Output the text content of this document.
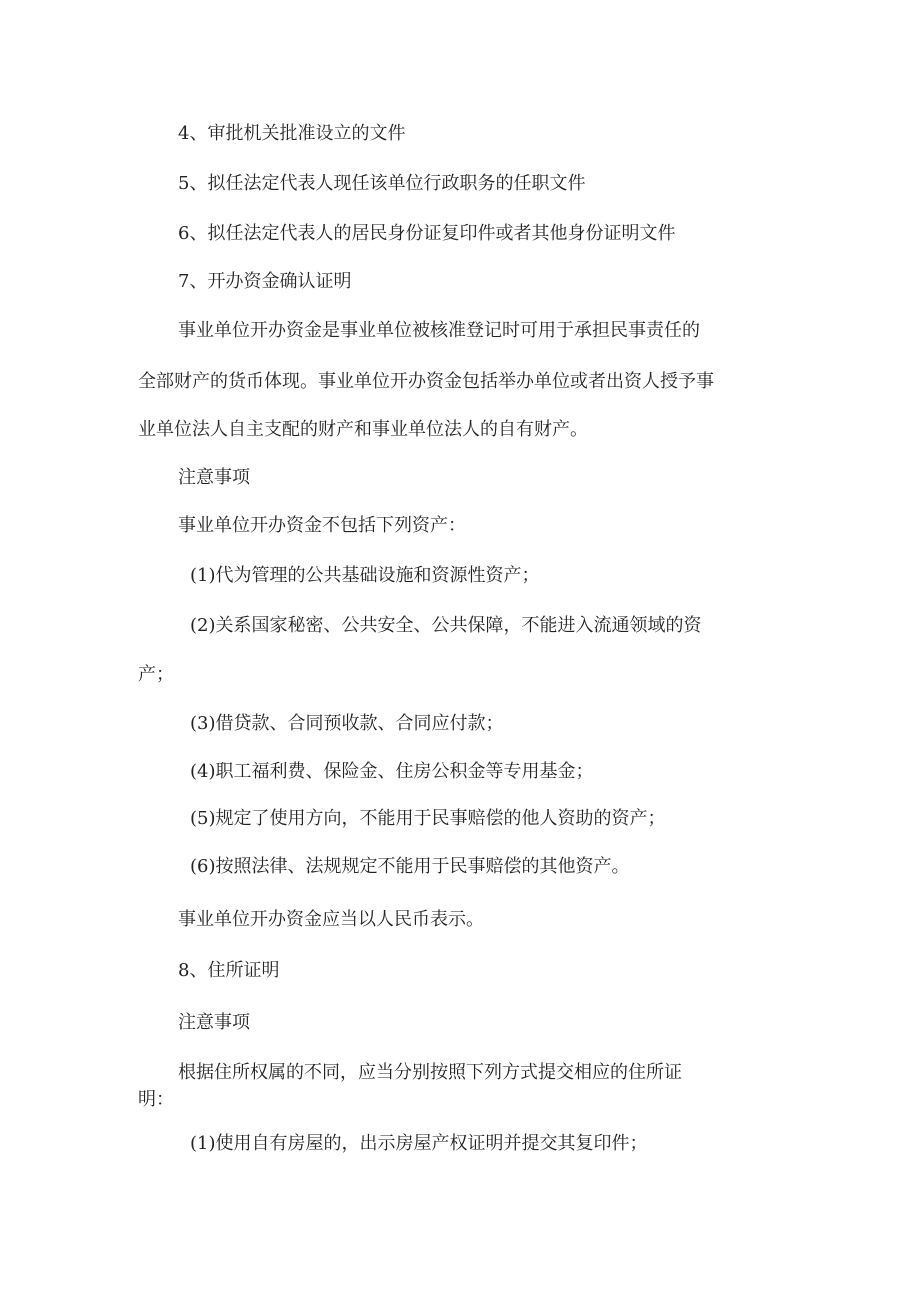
4、审批机关批准设立的文件
5、拟任法定代表人现任该单位行政职务的任职文件
6、拟任法定代表人的居民身份证复印件或者其他身份证明文件
7、开办资金确认证明
事业单位开办资金是事业单位被核准登记时可用于承担民事责任的
全部财产的货币体现。事业单位开办资金包括举办单位或者出资人授予事
业单位法人自主支配的财产和事业单位法人的自有财产。
注意事项
事业单位开办资金不包括下列资产：
(1)代为管理的公共基础设施和资源性资产；
(2)关系国家秘密、公共安全、公共保障，不能进入流通领域的资
产；
(3)借贷款、合同预收款、合同应付款；
(4)职工福利费、保险金、住房公积金等专用基金；
(5)规定了使用方向，不能用于民事赔偿的他人资助的资产；
(6)按照法律、法规规定不能用于民事赔偿的其他资产。
事业单位开办资金应当以人民币表示。
8、住所证明
注意事项
根据住所权属的不同，应当分别按照下列方式提交相应的住所证
明：
(1)使用自有房屋的，出示房屋产权证明并提交其复印件；
